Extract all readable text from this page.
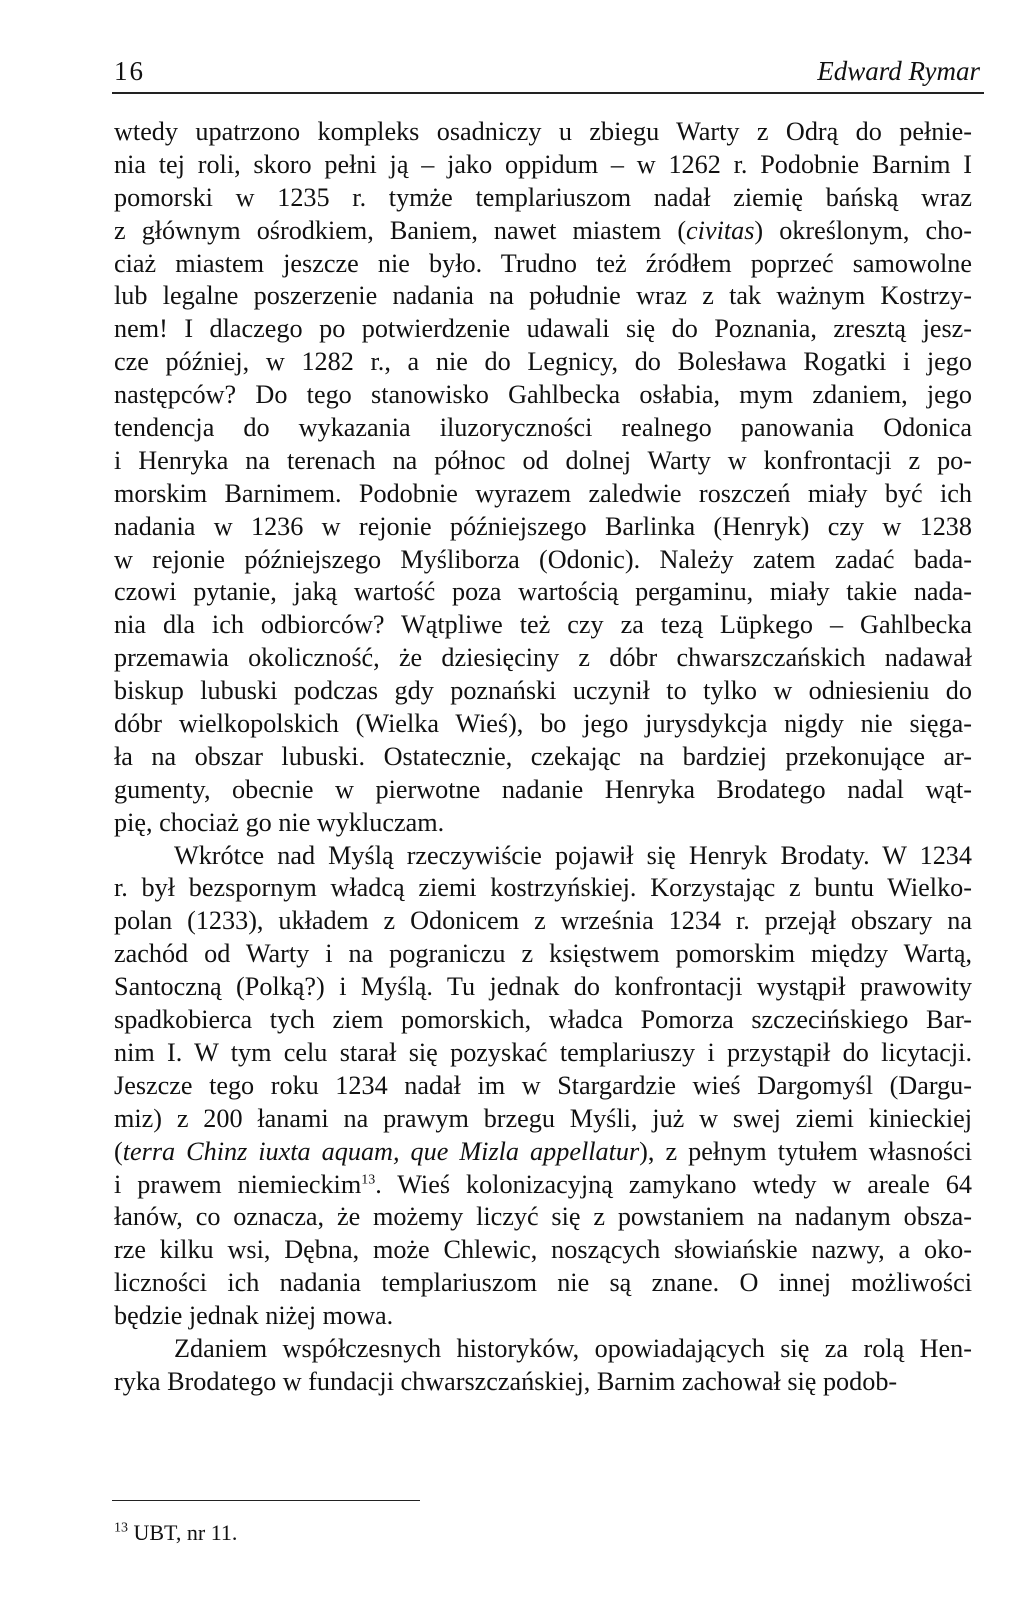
16	Edward Rymar
wtedy upatrzono kompleks osadniczy u zbiegu Warty z Odrą do pełnie-
nia tej roli, skoro pełni ją – jako oppidum – w 1262 r. Podobnie Barnim I
pomorski w 1235 r. tymże templariuszom nadał ziemię bańską wraz
z głównym ośrodkiem, Baniem, nawet miastem (civitas) określonym, cho-
ciaż miastem jeszcze nie było. Trudno też źródłem poprzeć samowolne
lub legalne poszerzenie nadania na południe wraz z tak ważnym Kostrzy-
nem! I dlaczego po potwierdzenie udawali się do Poznania, zresztą jesz-
cze później, w 1282 r., a nie do Legnicy, do Bolesława Rogatki i jego
następców? Do tego stanowisko Gahlbecka osłabia, mym zdaniem, jego
tendencja do wykazania iluzoryczności realnego panowania Odonica
i Henryka na terenach na północ od dolnej Warty w konfrontacji z po-
morskim Barnimem. Podobnie wyrazem zaledwie roszczeń miały być ich
nadania w 1236 w rejonie późniejszego Barlinka (Henryk) czy w 1238
w rejonie późniejszego Myśliborza (Odonic). Należy zatem zadać bada-
czowi pytanie, jaką wartość poza wartością pergaminu, miały takie nada-
nia dla ich odbiorców? Wątpliwe też czy za tezą Lüpkego – Gahlbecka
przemawia okoliczność, że dziesięciny z dóbr chwarszczańskich nadawał
biskup lubuski podczas gdy poznański uczynił to tylko w odniesieniu do
dóbr wielkopolskich (Wielka Wieś), bo jego jurysdykcja nigdy nie sięga-
ła na obszar lubuski. Ostatecznie, czekając na bardziej przekonujące ar-
gumenty, obecnie w pierwotne nadanie Henryka Brodatego nadal wąt-
pię, chociaż go nie wykluczam.
Wkrótce nad Myślą rzeczywiście pojawił się Henryk Brodaty. W 1234
r. był bezspornym władcą ziemi kostrzyńskiej. Korzystając z buntu Wielko-
polan (1233), układem z Odonicem z września 1234 r. przejął obszary na
zachód od Warty i na pograniczu z księstwem pomorskim między Wartą,
Santoczną (Polką?) i Myślą. Tu jednak do konfrontacji wystąpił prawowity
spadkobierca tych ziem pomorskich, władca Pomorza szczecińskiego Bar-
nim I. W tym celu starał się pozyskać templariuszy i przystąpił do licytacji.
Jeszcze tego roku 1234 nadał im w Stargardzie wieś Dargomyśl (Dargu-
miz) z 200 łanami na prawym brzegu Myśli, już w swej ziemi kinieckiej
(terra Chinz iuxta aquam, que Mizla appellatur), z pełnym tytułem własności
i prawem niemieckim$^{13}$. Wieś kolonizacyjną zamykano wtedy w areale 64
łanów, co oznacza, że możemy liczyć się z powstaniem na nadanym obsza-
rze kilku wsi, Dębna, może Chlewic, noszących słowiańskie nazwy, a oko-
liczności ich nadania templariuszom nie są znane. O innej możliwości
będzie jednak niżej mowa.
Zdaniem współczesnych historyków, opowiadających się za rolą Hen-
ryka Brodatego w fundacji chwarszczańskiej, Barnim zachował się podob-
$^{13}$ UBT, nr 11.
